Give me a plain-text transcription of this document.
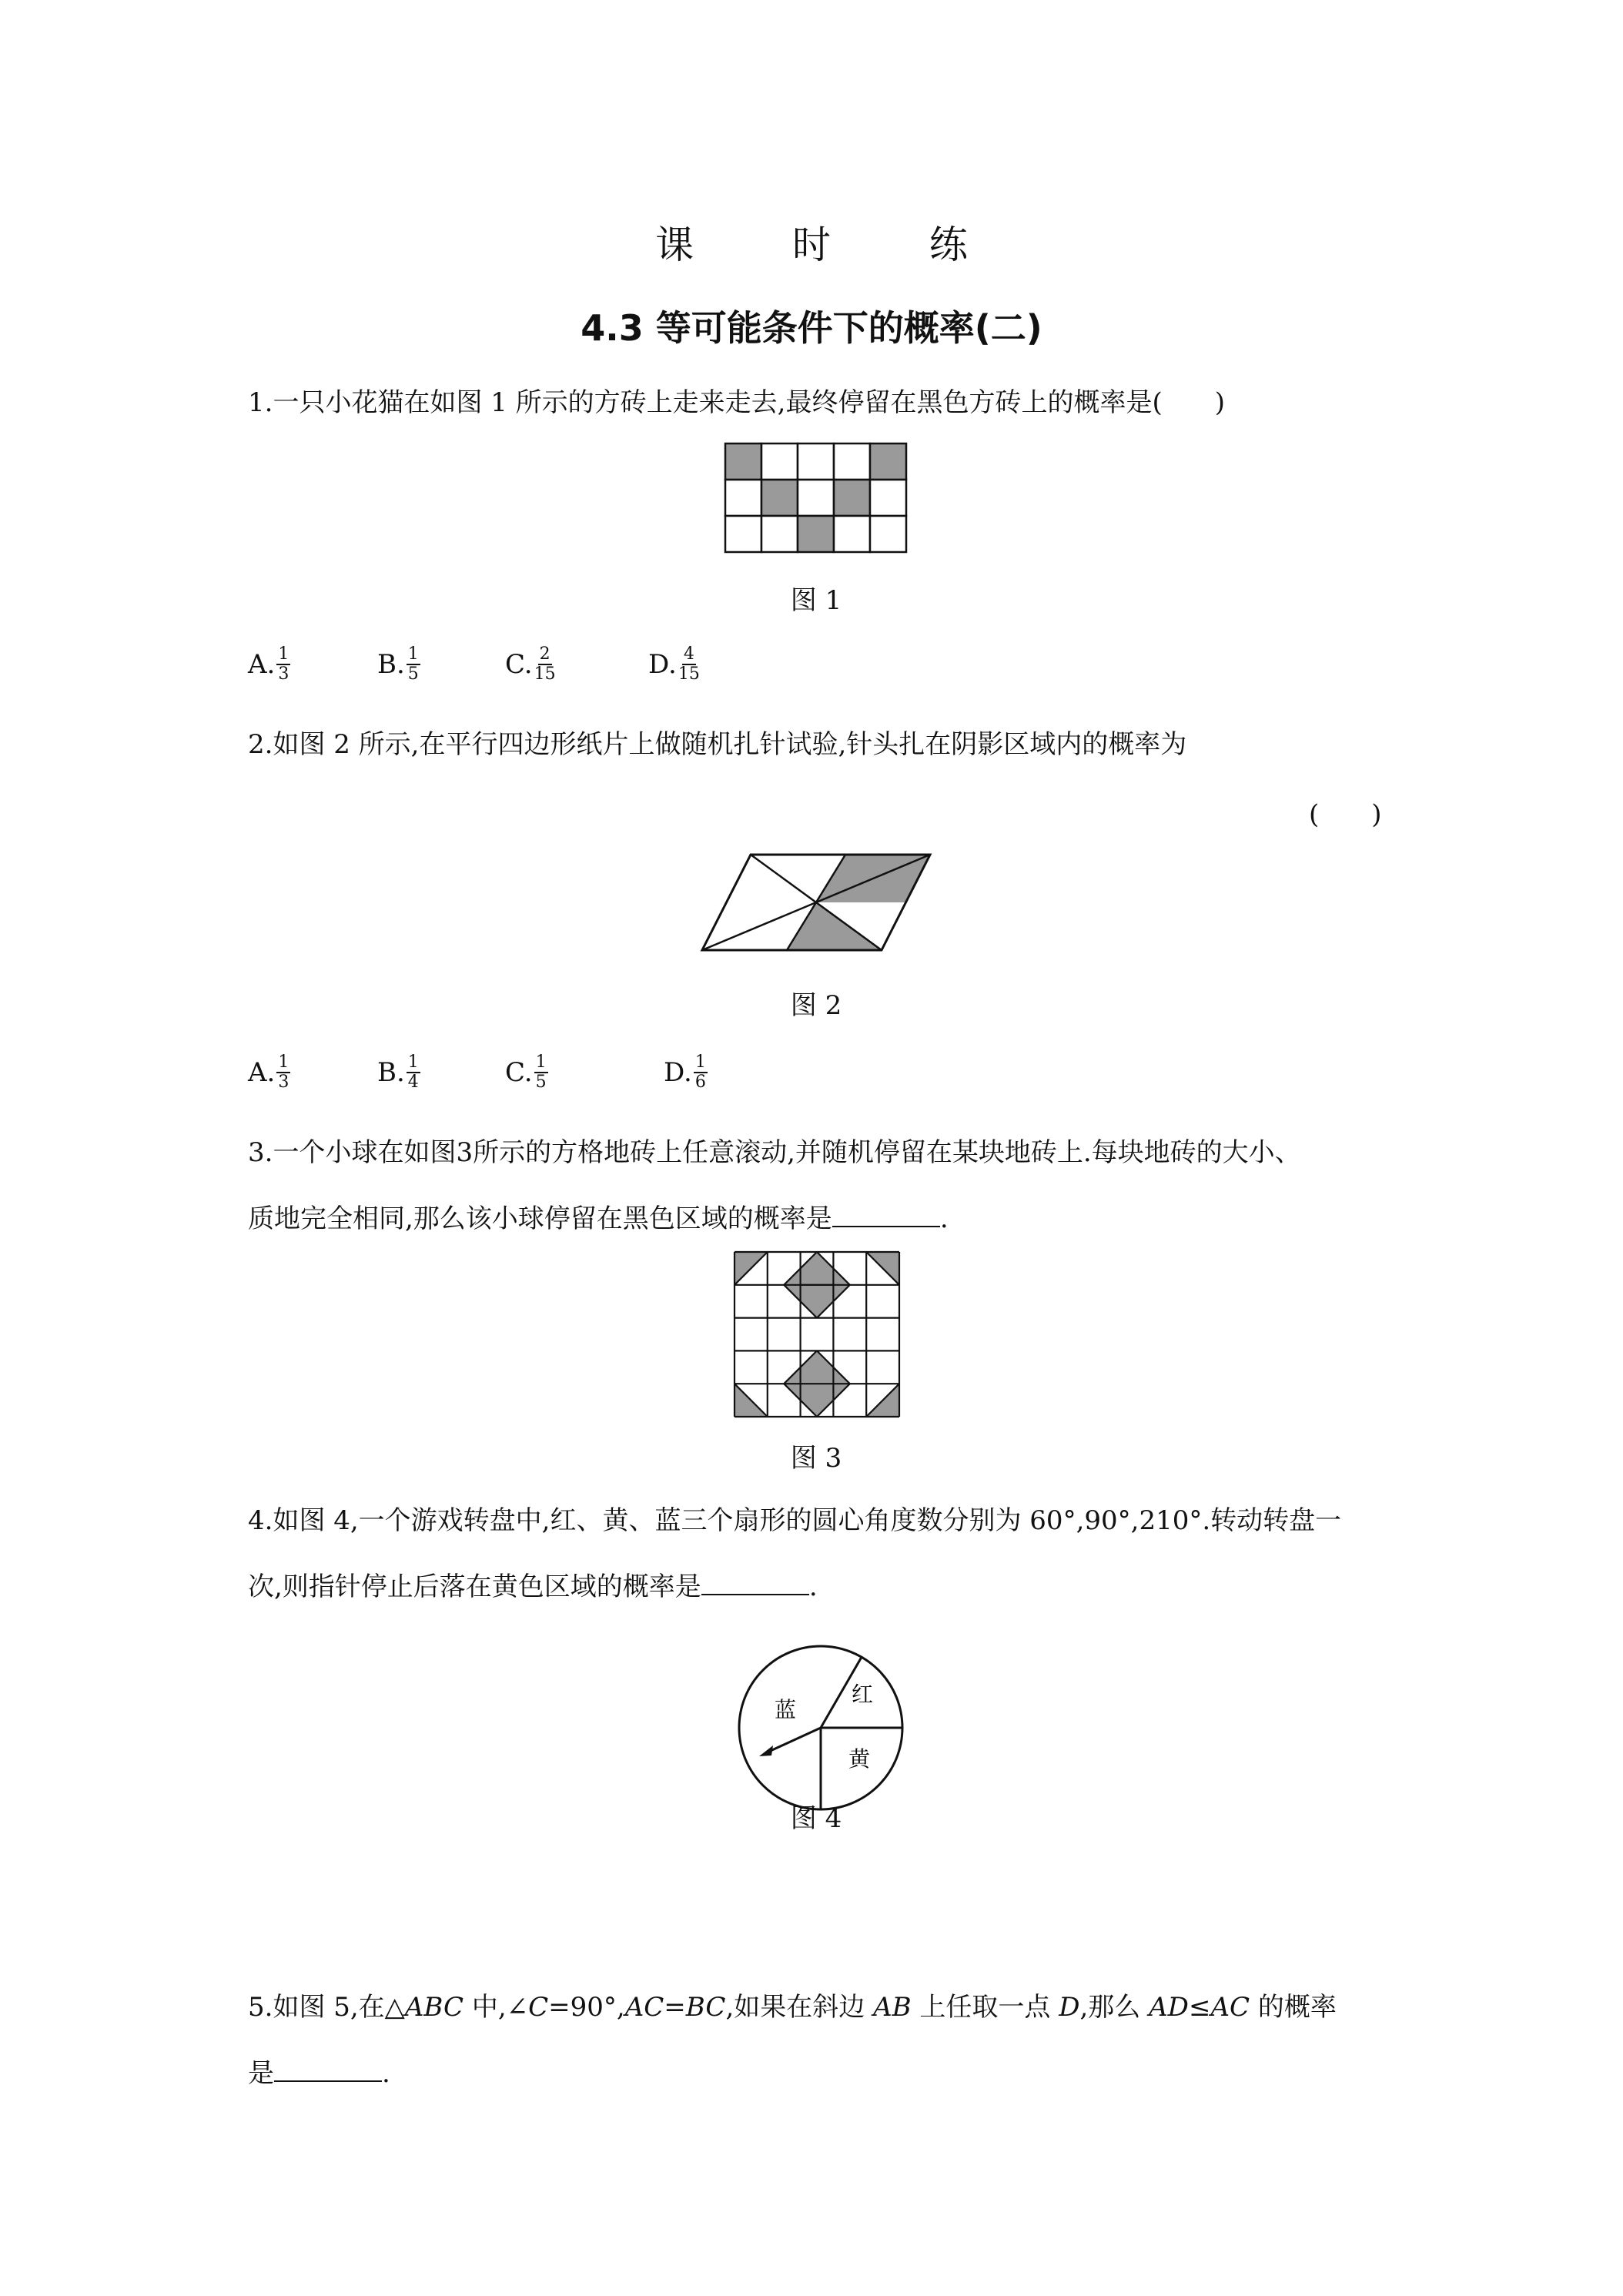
课 时 练
4.3 等可能条件下的概率(二)
1.一只小花猫在如图 1 所示的方砖上走来走去,最终停留在黑色方砖上的概率是(　　)
图 1
A. $\frac{1}{3}$	B. $\frac{1}{5}$	C. $\frac{2}{15}$	D. $\frac{4}{15}$
2.如图 2 所示,在平行四边形纸片上做随机扎针试验,针头扎在阴影区域内的概率为
(　　)
图 2
A. $\frac{1}{3}$	B. $\frac{1}{4}$	C. $\frac{1}{5}$	D. $\frac{1}{6}$
3.一个小球在如图3所示的方格地砖上任意滚动,并随机停留在某块地砖上.每块地砖的大小、
质地完全相同,那么该小球停留在黑色区域的概率是	.
图 3
4.如图 4,一个游戏转盘中,红、黄、蓝三个扇形的圆心角度数分别为 60°,90°,210°.转动转盘一
次,则指针停止后落在黄色区域的概率是	.
蓝
红
黄
图 4
5.如图 5,在△ABC 中,∠C=90°,AC=BC,如果在斜边 AB 上任取一点 D,那么 AD≤AC 的概率
是	.
